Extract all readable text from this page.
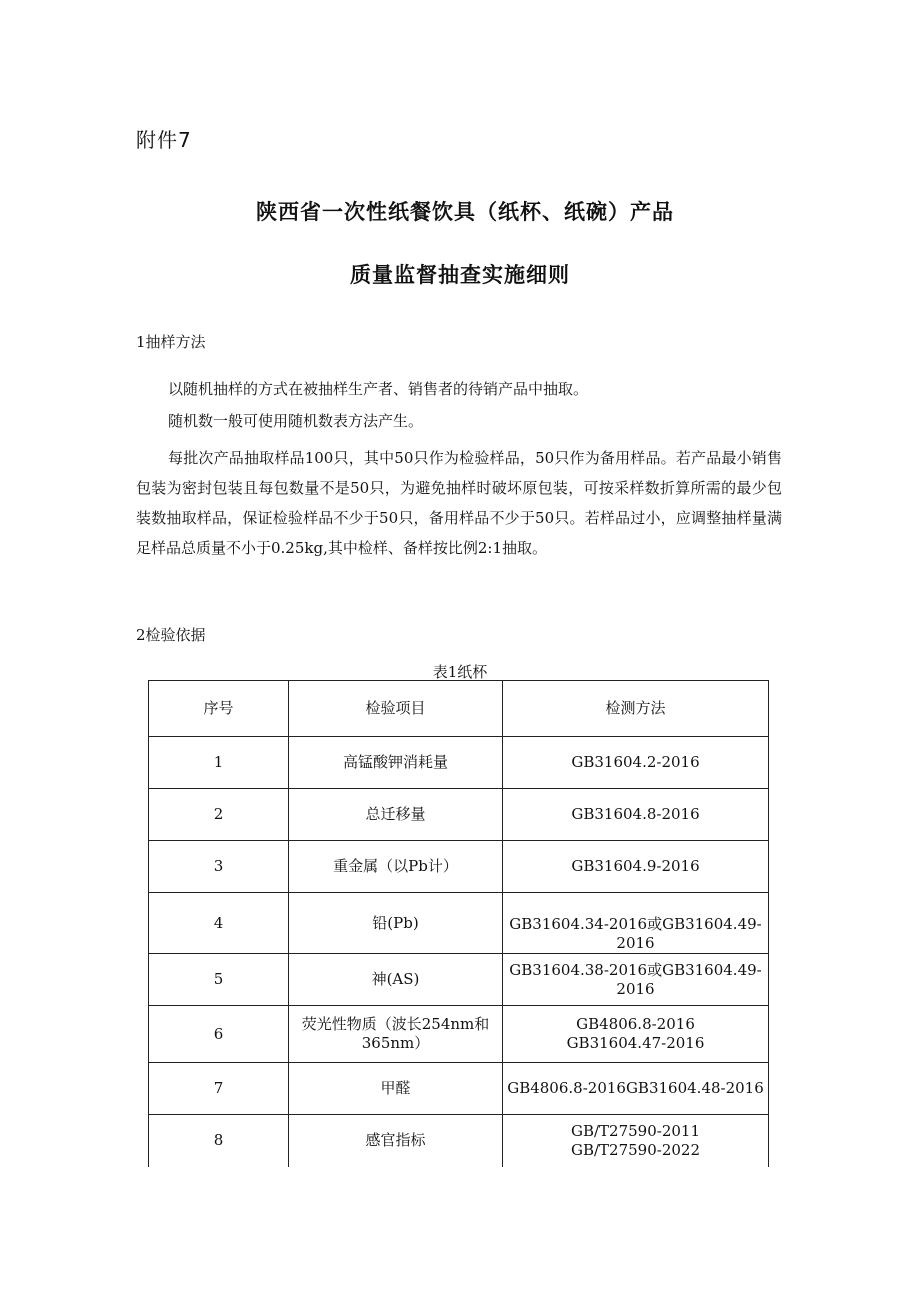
附件7
陕西省一次性纸餐饮具（纸杯、纸碗）产品
质量监督抽查实施细则
1抽样方法

以随机抽样的方式在被抽样生产者、销售者的待销产品中抽取。

随机数一般可使用随机数表方法产生。

每批次产品抽取样品100只，其中50只作为检验样品，50只作为备用样品。若产品最小销售包装为密封包装且每包数量不是50只，为避免抽样时破坏原包装，可按采样数折算所需的最少包装数抽取样品，保证检验样品不少于50只，备用样品不少于50只。若样品过小，应调整抽样量满足样品总质量不小于0.25kg,其中检样、备样按比例2:1抽取。

2检验依据
表1纸杯
序号	检验项目	检测方法
1	高锰酸钾消耗量	GB31604.2-2016
2	总迁移量	GB31604.8-2016
3	重金属（以Pb计）	GB31604.9-2016
4	铅(Pb)	GB31604.34-2016或GB31604.49-2016
5	神(AS)	GB31604.38-2016或GB31604.49-2016
6	荧光性物质（波长254nm和365nm）	GB4806.8-2016
GB31604.47-2016
7	甲醛	GB4806.8-2016GB31604.48-2016
8	感官指标	GB/T27590-2011
GB/T27590-2022
